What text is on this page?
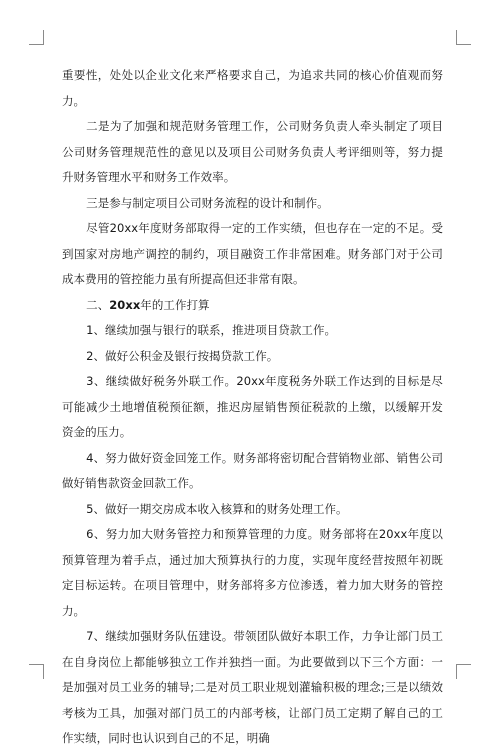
重要性，处处以企业文化来严格要求自己，为追求共同的核心价值观而努力。

二是为了加强和规范财务管理工作，公司财务负责人牵头制定了项目公司财务管理规范性的意见以及项目公司财务负责人考评细则等，努力提升财务管理水平和财务工作效率。

三是参与制定项目公司财务流程的设计和制作。

尽管20xx年度财务部取得一定的工作实绩，但也存在一定的不足。受到国家对房地产调控的制约，项目融资工作非常困难。财务部门对于公司成本费用的管控能力虽有所提高但还非常有限。

二、20xx年的工作打算

1、继续加强与银行的联系，推进项目贷款工作。

2、做好公积金及银行按揭贷款工作。

3、继续做好税务外联工作。20xx年度税务外联工作达到的目标是尽可能减少土地增值税预征额，推迟房屋销售预征税款的上缴，以缓解开发资金的压力。

4、努力做好资金回笼工作。财务部将密切配合营销物业部、销售公司做好销售款资金回款工作。

5、做好一期交房成本收入核算和的财务处理工作。

6、努力加大财务管控力和预算管理的力度。财务部将在20xx年度以预算管理为着手点，通过加大预算执行的力度，实现年度经营按照年初既定目标运转。在项目管理中，财务部将多方位渗透，着力加大财务的管控力。

7、继续加强财务队伍建设。带领团队做好本职工作，力争让部门员工在自身岗位上都能够独立工作并独挡一面。为此要做到以下三个方面：一是加强对员工业务的辅导;二是对员工职业规划灌输积极的理念;三是以绩效考核为工具，加强对部门员工的内部考核，让部门员工定期了解自己的工作实绩，同时也认识到自己的不足，明确
